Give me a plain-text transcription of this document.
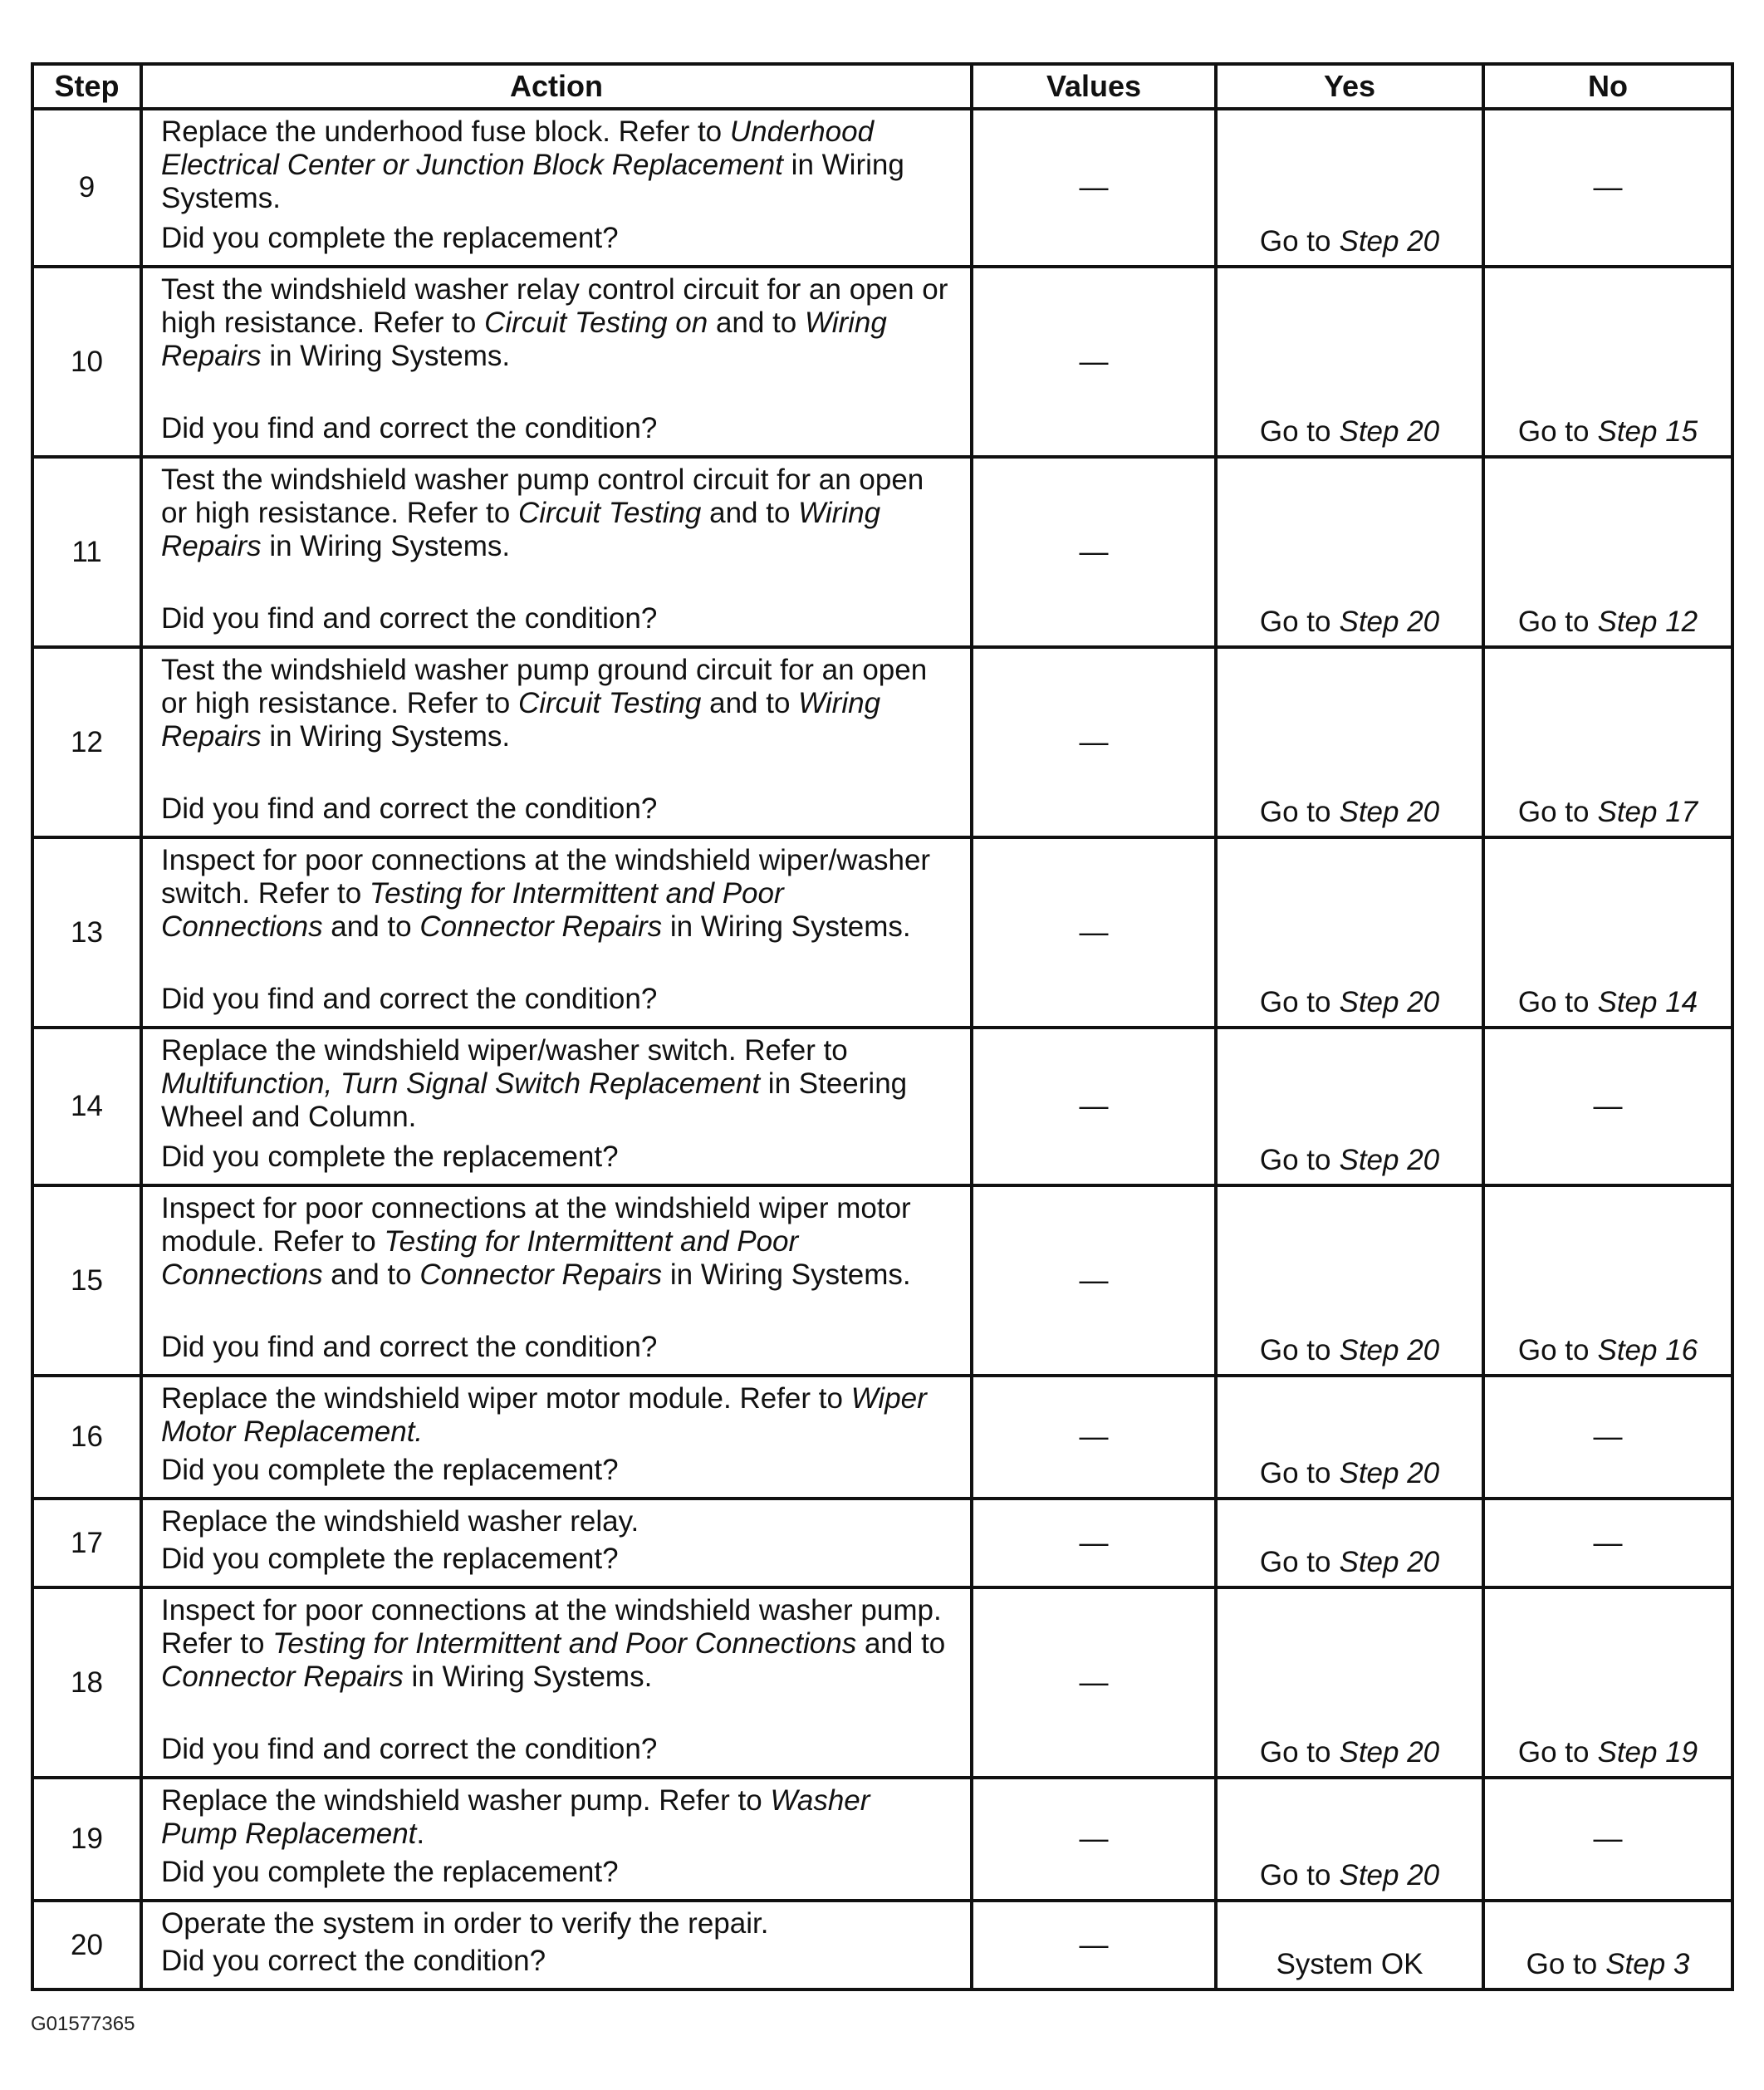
Step	Action	Values	Yes	No
9	Replace the underhood fuse block. Refer to Underhood Electrical Center or Junction Block Replacement in Wiring Systems.
Did you complete the replacement?	—	Go to Step 20	—
10	Test the windshield washer relay control circuit for an open or high resistance. Refer to Circuit Testing on and to Wiring Repairs in Wiring Systems.
Did you find and correct the condition?	—	Go to Step 20	Go to Step 15
11	Test the windshield washer pump control circuit for an open or high resistance. Refer to Circuit Testing and to Wiring Repairs in Wiring Systems.
Did you find and correct the condition?	—	Go to Step 20	Go to Step 12
12	Test the windshield washer pump ground circuit for an open or high resistance. Refer to Circuit Testing and to Wiring Repairs in Wiring Systems.
Did you find and correct the condition?	—	Go to Step 20	Go to Step 17
13	Inspect for poor connections at the windshield wiper/washer switch. Refer to Testing for Intermittent and Poor Connections and to Connector Repairs in Wiring Systems.
Did you find and correct the condition?	—	Go to Step 20	Go to Step 14
14	Replace the windshield wiper/washer switch. Refer to Multifunction, Turn Signal Switch Replacement in Steering Wheel and Column.
Did you complete the replacement?	—	Go to Step 20	—
15	Inspect for poor connections at the windshield wiper motor module. Refer to Testing for Intermittent and Poor Connections and to Connector Repairs in Wiring Systems.
Did you find and correct the condition?	—	Go to Step 20	Go to Step 16
16	Replace the windshield wiper motor module. Refer to Wiper Motor Replacement.
Did you complete the replacement?	—	Go to Step 20	—
17	Replace the windshield washer relay.
Did you complete the replacement?	—	Go to Step 20	—
18	Inspect for poor connections at the windshield washer pump. Refer to Testing for Intermittent and Poor Connections and to Connector Repairs in Wiring Systems.
Did you find and correct the condition?	—	Go to Step 20	Go to Step 19
19	Replace the windshield washer pump. Refer to Washer Pump Replacement.
Did you complete the replacement?	—	Go to Step 20	—
20	Operate the system in order to verify the repair.
Did you correct the condition?	—	System OK	Go to Step 3
G01577365
